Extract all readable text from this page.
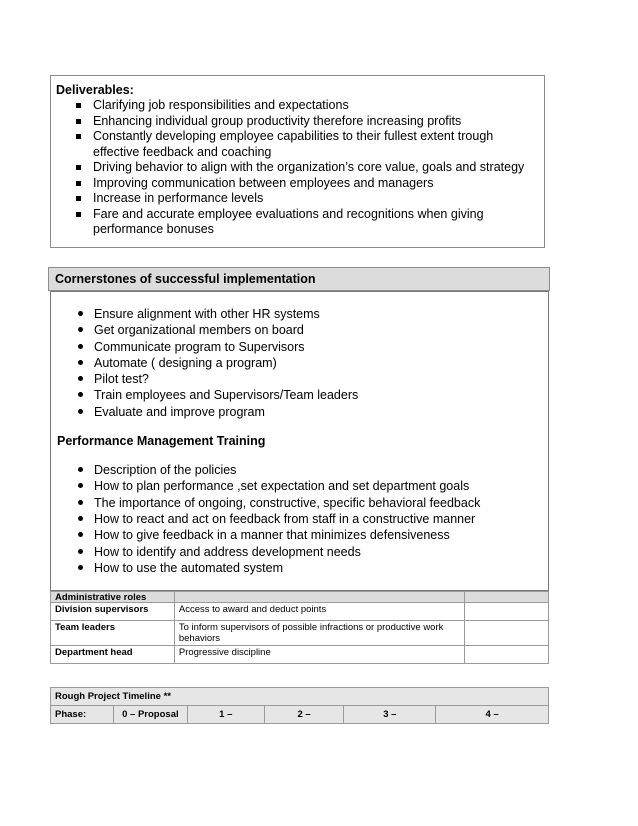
Deliverables:
Clarifying job responsibilities and expectations
Enhancing individual group productivity therefore increasing profits
Constantly developing employee capabilities to their fullest extent trough effective feedback and coaching
Driving behavior to align with the organization’s core value, goals and strategy
Improving communication between employees and managers
Increase in performance levels
Fare and accurate employee evaluations and recognitions when giving performance bonuses
Cornerstones of successful implementation
Ensure alignment with other HR systems
Get organizational members on board
Communicate program to Supervisors
Automate ( designing a program)
Pilot test?
Train employees and Supervisors/Team leaders
Evaluate and improve program
Performance Management Training
Description of the policies
How to plan performance ,set expectation and set department goals
The importance of ongoing, constructive, specific behavioral feedback
How to react and act on feedback from staff in a constructive manner
How to give feedback in a manner that minimizes defensiveness
How to identify and address development needs
How to use the automated system
Administrative roles		
Division supervisors	Access to award and deduct points	
Team leaders	To inform supervisors of possible infractions or productive work behaviors	
Department head	Progressive discipline	
Rough Project Timeline **
Phase:	0 – Proposal	1 –	2 –	3 –	4 –
